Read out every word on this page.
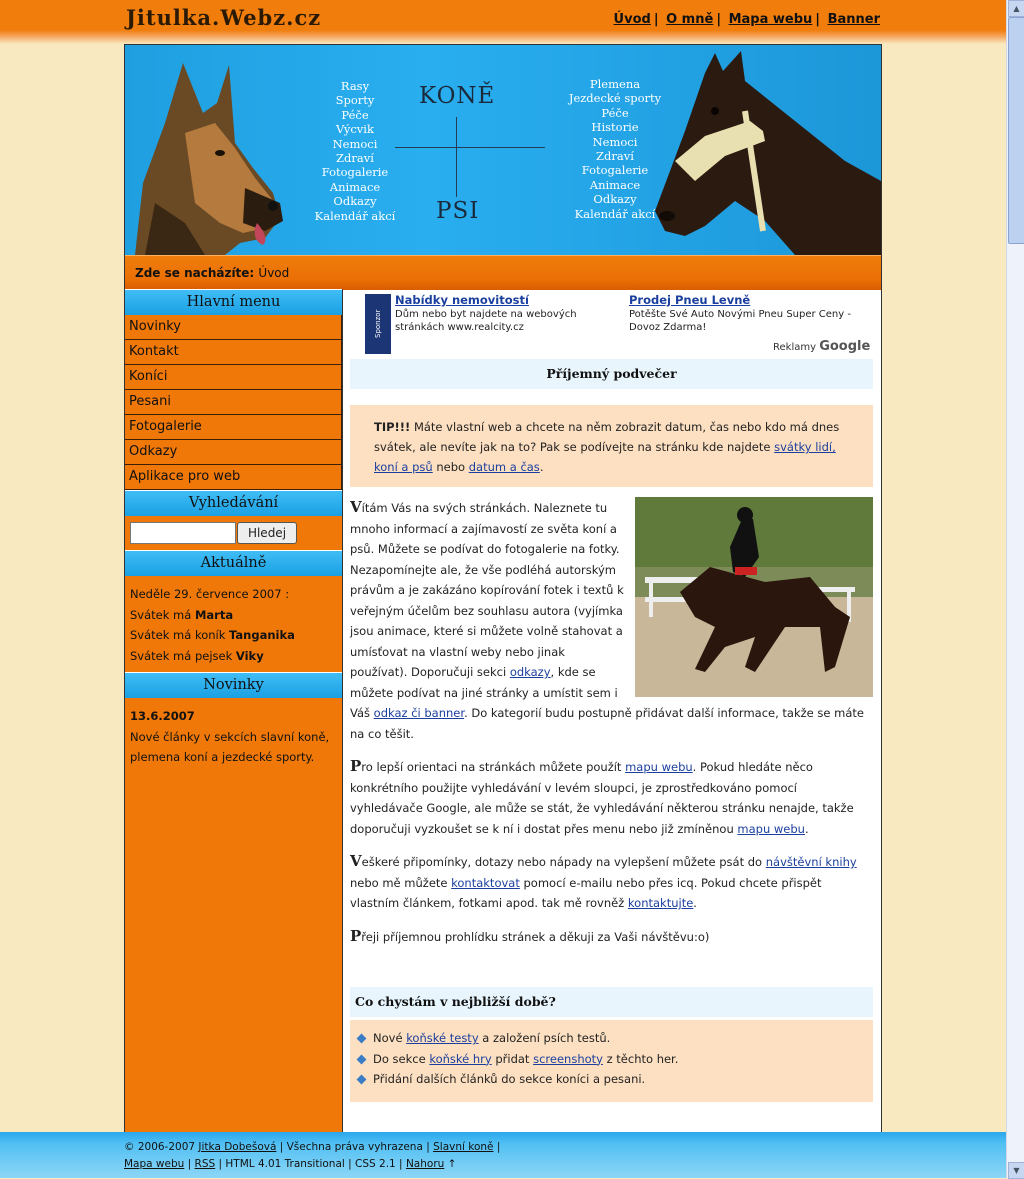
Jitulka.Webz.cz	Úvod | O mně | Mapa webu | Banner
Rasy
Sporty
Péče
Výcvik
Nemoci
Zdraví
Fotogalerie
Animace
Odkazy
Kalendář akcí
KONĚ
PSI
Plemena
Jezdecké sporty
Péče
Historie
Nemoci
Zdraví
Fotogalerie
Animace
Odkazy
Kalendář akcí
Zde se nacházíte: Úvod
Hlavní menu
Novinky
Kontakt
Koníci
Pesani
Fotogalerie
Odkazy
Aplikace pro web
Vyhledávání
Hledej
Aktuálně
Neděle 29. července 2007 :
Svátek má Marta
Svátek má koník Tanganika
Svátek má pejsek Viky
Novinky
13.6.2007
Nové články v sekcích slavní koně, plemena koní a jezdecké sporty.
Sponzor webzdarma
Nabídky nemovitostí
Dům nebo byt najdete na webových stránkách www.realcity.cz
Prodej Pneu Levně
Potěšte Své Auto Novými Pneu Super Ceny - Dovoz Zdarma!
Reklamy Google
Příjemný podvečer
TIP!!! Máte vlastní web a chcete na něm zobrazit datum, čas nebo kdo má dnes svátek, ale nevíte jak na to? Pak se podívejte na stránku kde najdete svátky lidí, koní a psů nebo datum a čas.

Vítám Vás na svých stránkách. Naleznete tu mnoho informací a zajímavostí ze světa koní a psů. Můžete se podívat do fotogalerie na fotky. Nezapomínejte ale, že vše podléhá autorským právům a je zakázáno kopírování fotek i textů k veřejným účelům bez souhlasu autora (vyjímka jsou animace, které si můžete volně stahovat a umísťovat na vlastní weby nebo jinak používat). Doporučuji sekci odkazy, kde se můžete podívat na jiné stránky a umístit sem i Váš odkaz či banner. Do kategorií budu postupně přidávat další informace, takže se máte na co těšit.

Pro lepší orientaci na stránkách můžete použít mapu webu. Pokud hledáte něco konkrétního použijte vyhledávání v levém sloupci, je zprostředkováno pomocí vyhledávače Google, ale může se stát, že vyhledávání některou stránku nenajde, takže doporučuji vyzkoušet se k ní i dostat přes menu nebo již zmíněnou mapu webu.

Veškeré připomínky, dotazy nebo nápady na vylepšení můžete psát do návštěvní knihy nebo mě můžete kontaktovat pomocí e-mailu nebo přes icq. Pokud chcete přispět vlastním článkem, fotkami apod. tak mě rovněž kontaktujte.

Přeji příjemnou prohlídku stránek a děkuji za Vaši návštěvu:o)

Co chystám v nejbližší době?
Nové koňské testy a založení psích testů.
Do sekce koňské hry přidat screenshoty z těchto her.
Přidání dalších článků do sekce koníci a pesani.
© 2006-2007 Jitka Dobešová | Všechna práva vyhrazena | Slavní koně |
Mapa webu | RSS | HTML 4.01 Transitional | CSS 2.1 | Nahoru ↑
▲
▼
